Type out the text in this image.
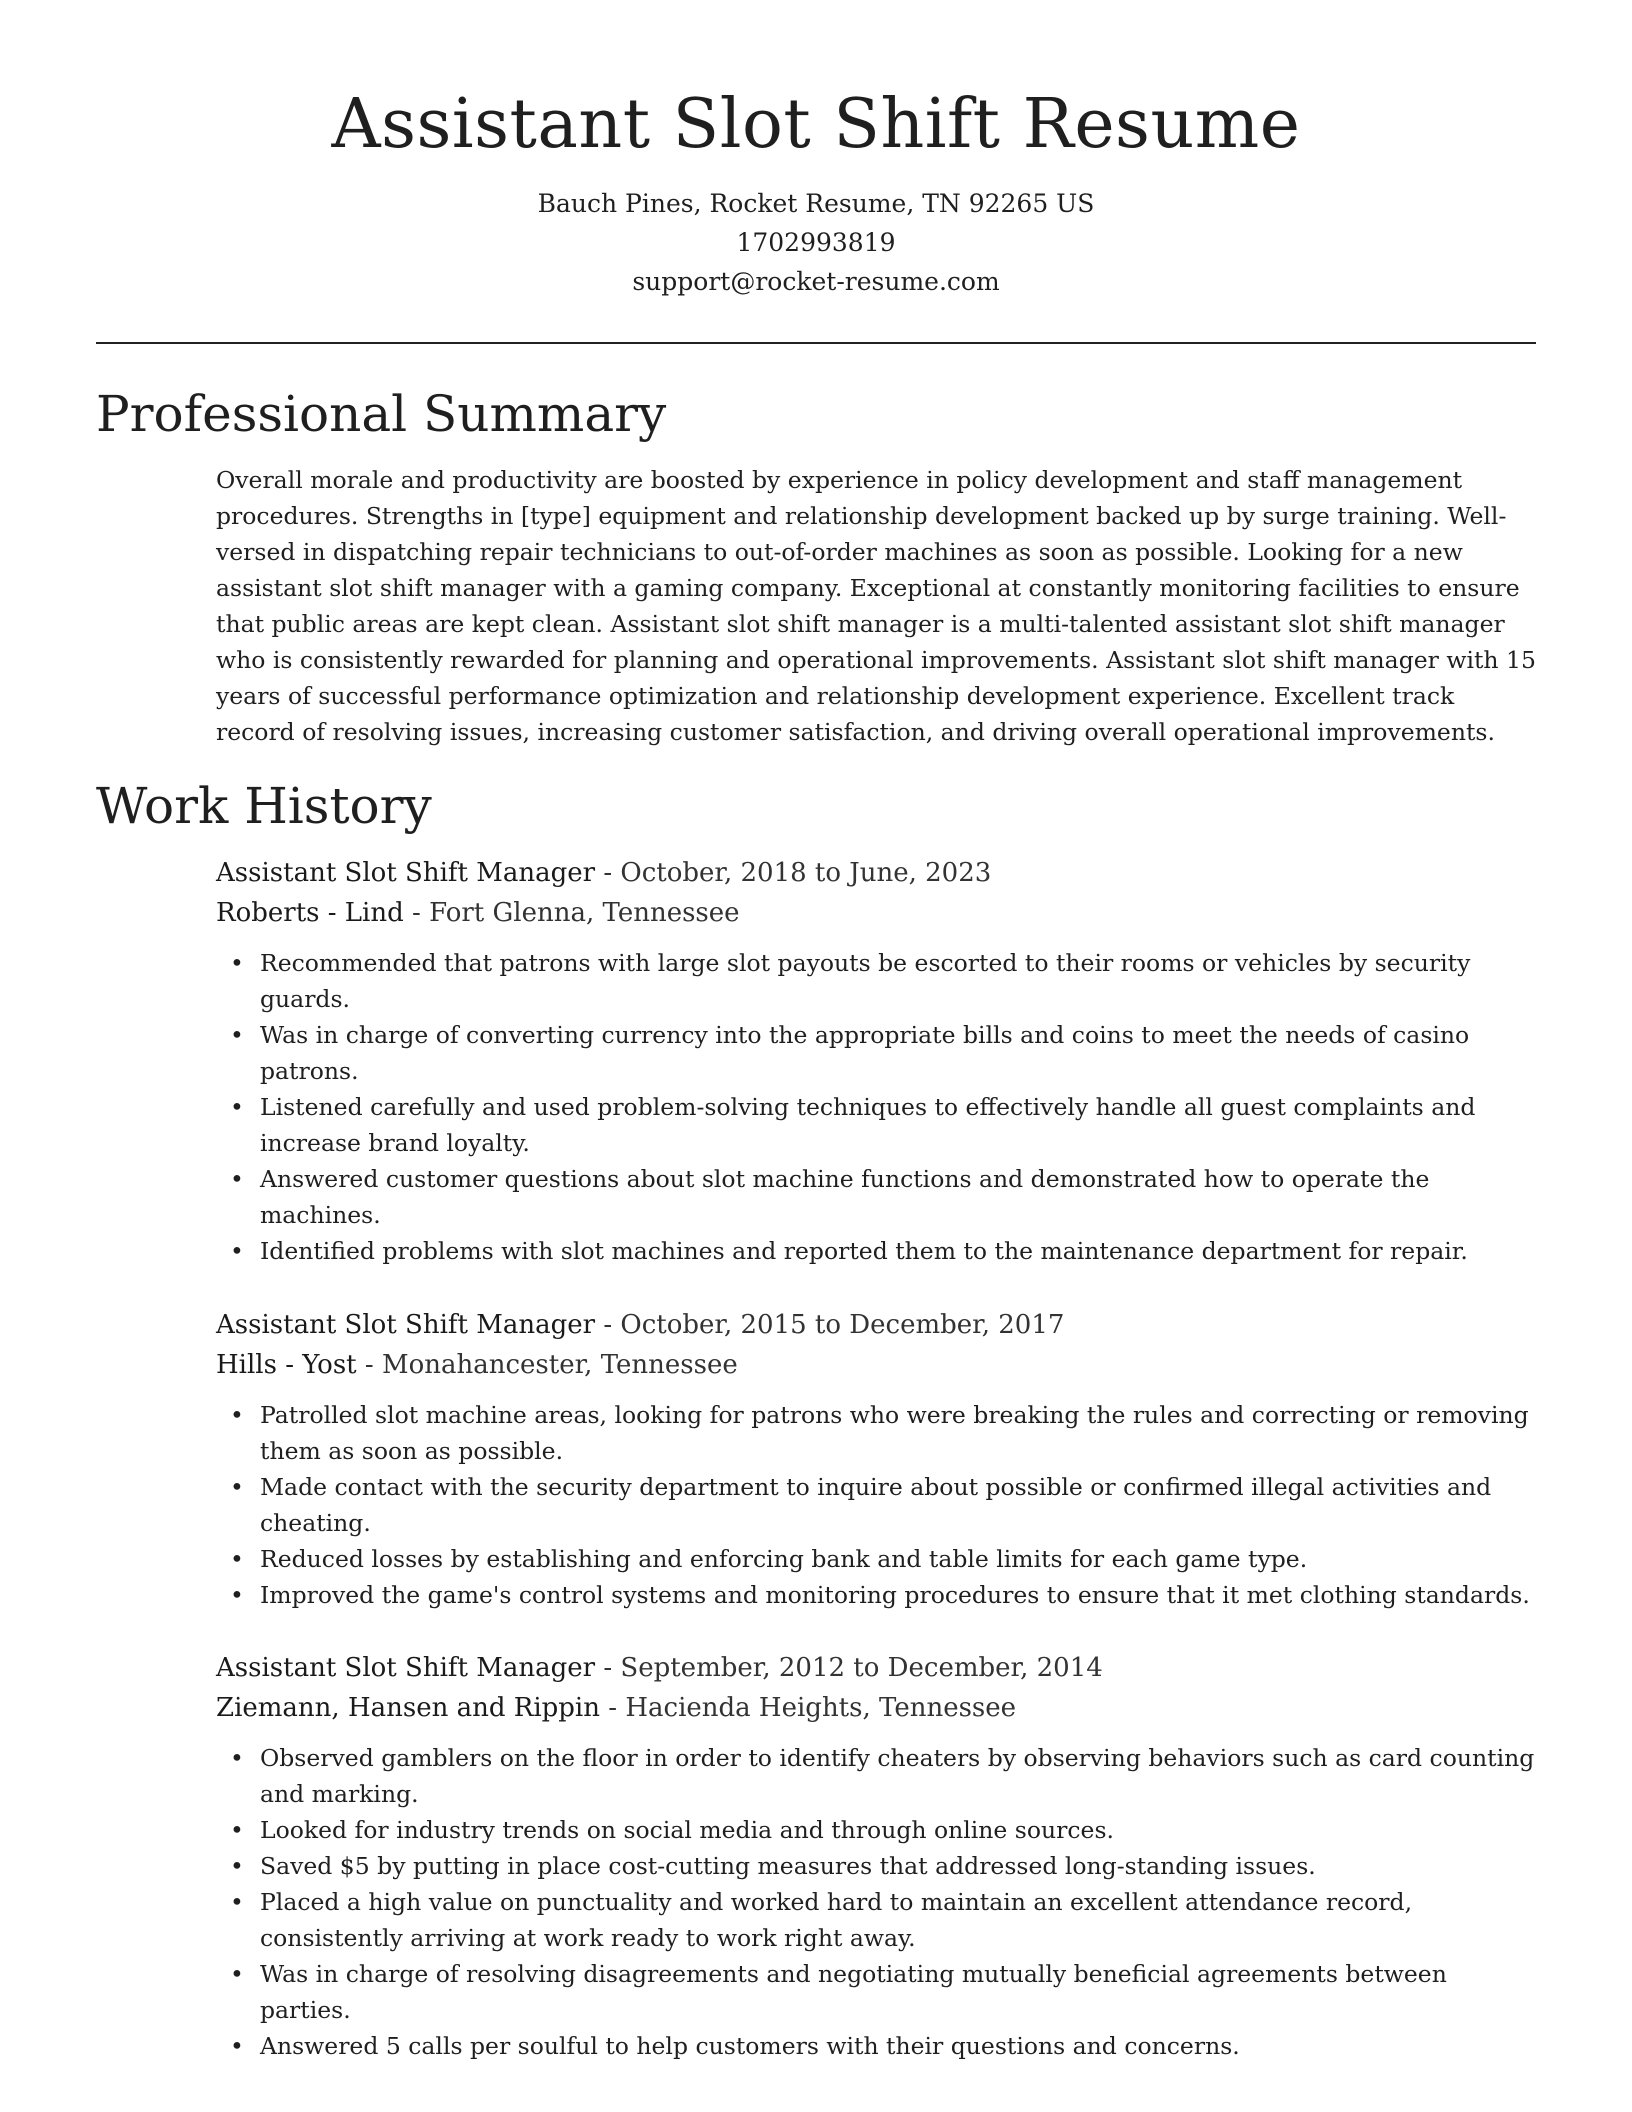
Assistant Slot Shift Resume
Bauch Pines, Rocket Resume, TN 92265 US
1702993819
support@rocket-resume.com
Professional Summary

Overall morale and productivity are boosted by experience in policy development and staff management procedures. Strengths in [type] equipment and relationship development backed up by surge training. Well-versed in dispatching repair technicians to out-of-order machines as soon as possible. Looking for a new assistant slot shift manager with a gaming company. Exceptional at constantly monitoring facilities to ensure that public areas are kept clean. Assistant slot shift manager is a multi-talented assistant slot shift manager who is consistently rewarded for planning and operational improvements. Assistant slot shift manager with 15 years of successful performance optimization and relationship development experience. Excellent track record of resolving issues, increasing customer satisfaction, and driving overall operational improvements.

Work History
Assistant Slot Shift Manager - October, 2018 to June, 2023
Roberts - Lind - Fort Glenna, Tennessee
• Recommended that patrons with large slot payouts be escorted to their rooms or vehicles by security guards.
• Was in charge of converting currency into the appropriate bills and coins to meet the needs of casino patrons.
• Listened carefully and used problem-solving techniques to effectively handle all guest complaints and increase brand loyalty.
• Answered customer questions about slot machine functions and demonstrated how to operate the machines.
• Identified problems with slot machines and reported them to the maintenance department for repair.
Assistant Slot Shift Manager - October, 2015 to December, 2017
Hills - Yost - Monahancester, Tennessee
• Patrolled slot machine areas, looking for patrons who were breaking the rules and correcting or removing them as soon as possible.
• Made contact with the security department to inquire about possible or confirmed illegal activities and cheating.
• Reduced losses by establishing and enforcing bank and table limits for each game type.
• Improved the game's control systems and monitoring procedures to ensure that it met clothing standards.
Assistant Slot Shift Manager - September, 2012 to December, 2014
Ziemann, Hansen and Rippin - Hacienda Heights, Tennessee
• Observed gamblers on the floor in order to identify cheaters by observing behaviors such as card counting and marking.
• Looked for industry trends on social media and through online sources.
• Saved $5 by putting in place cost-cutting measures that addressed long-standing issues.
• Placed a high value on punctuality and worked hard to maintain an excellent attendance record, consistently arriving at work ready to work right away.
• Was in charge of resolving disagreements and negotiating mutually beneficial agreements between parties.
• Answered 5 calls per soulful to help customers with their questions and concerns.
